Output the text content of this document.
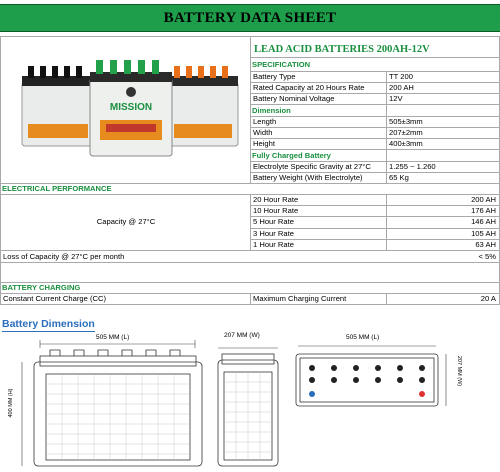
BATTERY DATA SHEET
MISSION
LEAD ACID BATTERIES 200AH-12V
SPECIFICATION
Battery Type	TT 200
Rated Capacity at 20 Hours Rate	200 AH
Battery Nominal Voltage	12V
Dimension
Length	505±3mm
Width	207±2mm
Height	400±3mm
Fully Charged Battery
Electrolyte Specific Gravity at 27°C	1.255 ~ 1.260
Battery Weight (With Electrolyte)	65 Kg
ELECTRICAL PERFORMANCE
Capacity @ 27°C
20 Hour Rate	200 AH
10 Hour Rate	176 AH
5 Hour Rate	146 AH
3 Hour Rate	105 AH
1 Hour Rate	63 AH
Loss of Capacity @ 27°C per month	< 5%
BATTERY CHARGING
Constant Current Charge (CC)	Maximum Charging Current	20 A
Battery Dimension
505 MM (L)
400 MM (H)
207 MM (W)	505 MM (L)
207 MM (W)
